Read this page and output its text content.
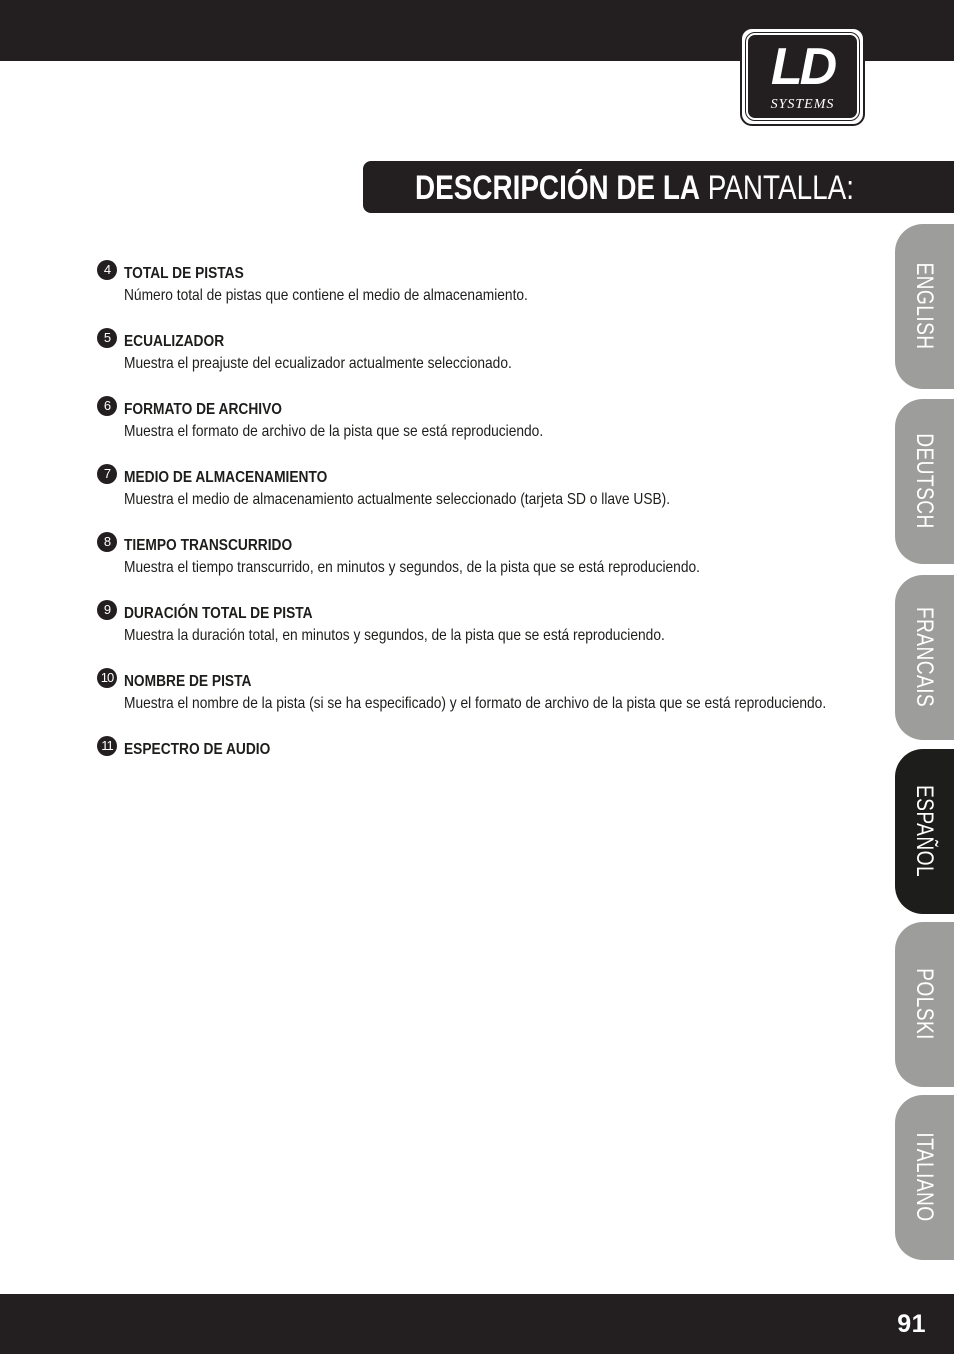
LD
SYSTEMS
DESCRIPCIÓN DE LA PANTALLA:
4 TOTAL DE PISTAS
Número total de pistas que contiene el medio de almacenamiento.
5 ECUALIZADOR
Muestra el preajuste del ecualizador actualmente seleccionado.
6 FORMATO DE ARCHIVO
Muestra el formato de archivo de la pista que se está reproduciendo.
7 MEDIO DE ALMACENAMIENTO
Muestra el medio de almacenamiento actualmente seleccionado (tarjeta SD o llave USB).
8 TIEMPO TRANSCURRIDO
Muestra el tiempo transcurrido, en minutos y segundos, de la pista que se está reproduciendo.
9 DURACIÓN TOTAL DE PISTA
Muestra la duración total, en minutos y segundos, de la pista que se está reproduciendo.
10 NOMBRE DE PISTA
Muestra el nombre de la pista (si se ha especificado) y el formato de archivo de la pista que se está reproduciendo.
11 ESPECTRO DE AUDIO
ENGLISH
DEUTSCH
FRANCAIS
ESPAÑOL
POLSKI
ITALIANO
91
